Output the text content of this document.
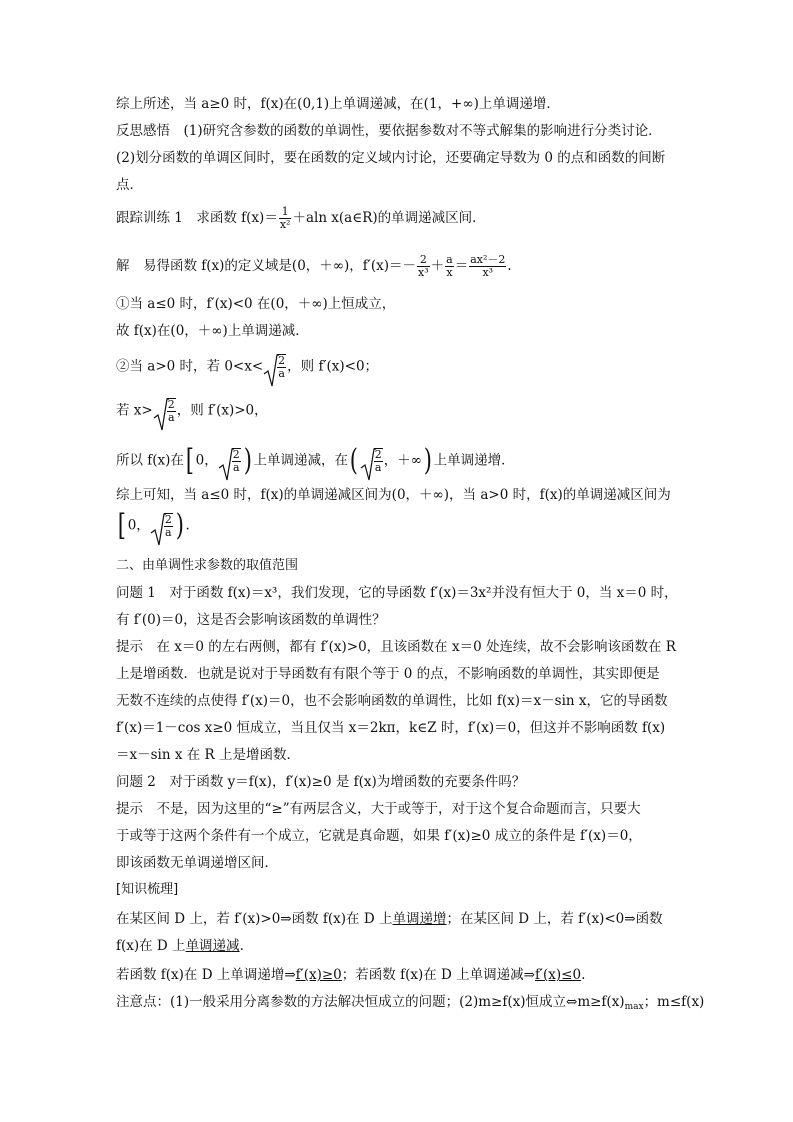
综上所述，当 a≥0 时，f(x)在(0,1)上单调递减，在(1，+∞)上单调递增．
反思感悟　(1)研究含参数的函数的单调性，要依据参数对不等式解集的影响进行分类讨论．
(2)划分函数的单调区间时，要在函数的定义域内讨论，还要确定导数为 0 的点和函数的间断
点．
跟踪训练 1　求函数 $f(x)= \frac{1}{\text{x²}} +aln$ x(a∈R)的单调递减区间．
解　易得函数 f(x)的定义域是(0，＋∞)，$f'(x)=- \frac{2}{\text{x³}} + \frac{a}{x} = \frac{\text{ax²－2}}{\text{x³}}$ .
①当 a≤0 时，f′(x)<0 在(0，＋∞)上恒成立，
故 f(x)在(0，＋∞)上单调递减．
②当 a>0 时，若 $0<x< \frac{2}{a}$ ，则 f′(x)<0；
若 $x> \frac{2}{a}$ ，则 f′(x)>0，
所以 f(x)在[ 0， $\frac{2}{a}$ ) 上单调递减，在( $\frac{2}{a}$ ，＋∞) 上单调递增．
综上可知，当 a≤0 时，f(x)的单调递减区间为(0，＋∞)，当 a>0 时，f(x)的单调递减区间为
[ 0， $\frac{2}{a}$ ) .
二、由单调性求参数的取值范围
问题 1　对于函数 f(x)＝x³，我们发现，它的导函数 f′(x)＝3x²并没有恒大于 0，当 x＝0 时，
有 f′(0)＝0，这是否会影响该函数的单调性？
提示　在 x＝0 的左右两侧，都有 f′(x)>0，且该函数在 x＝0 处连续，故不会影响该函数在 R
上是增函数．也就是说对于导函数有有限个等于 0 的点，不影响函数的单调性，其实即便是
无数不连续的点使得 f′(x)＝0，也不会影响函数的单调性，比如 f(x)＝x－sin x，它的导函数
f′(x)＝1－cos x≥0 恒成立，当且仅当 x＝2kπ，k∈Z 时，f′(x)＝0，但这并不影响函数 f(x)
＝x－sin x 在 R 上是增函数．
问题 2　对于函数 y＝f(x)，f′(x)≥0 是 f(x)为增函数的充要条件吗？
提示　不是，因为这里的“≥”有两层含义，大于或等于，对于这个复合命题而言，只要大
于或等于这两个条件有一个成立，它就是真命题，如果 f′(x)≥0 成立的条件是 f′(x)＝0，
即该函数无单调递增区间．
[知识梳理]
在某区间 D 上，若 f′(x)>0⇒函数 f(x)在 D 上单调递增；在某区间 D 上，若 f′(x)<0⇒函数
f(x)在 D 上单调递减．
若函数 f(x)在 D 上单调递增⇒f′(x)≥0；若函数 f(x)在 D 上单调递减⇒f′(x)≤0.
注意点：(1)一般采用分离参数的方法解决恒成立的问题；(2)m≥f(x)恒成立$\Leftrightarrow m\ge f(x)_{max}$；m≤f(x)
